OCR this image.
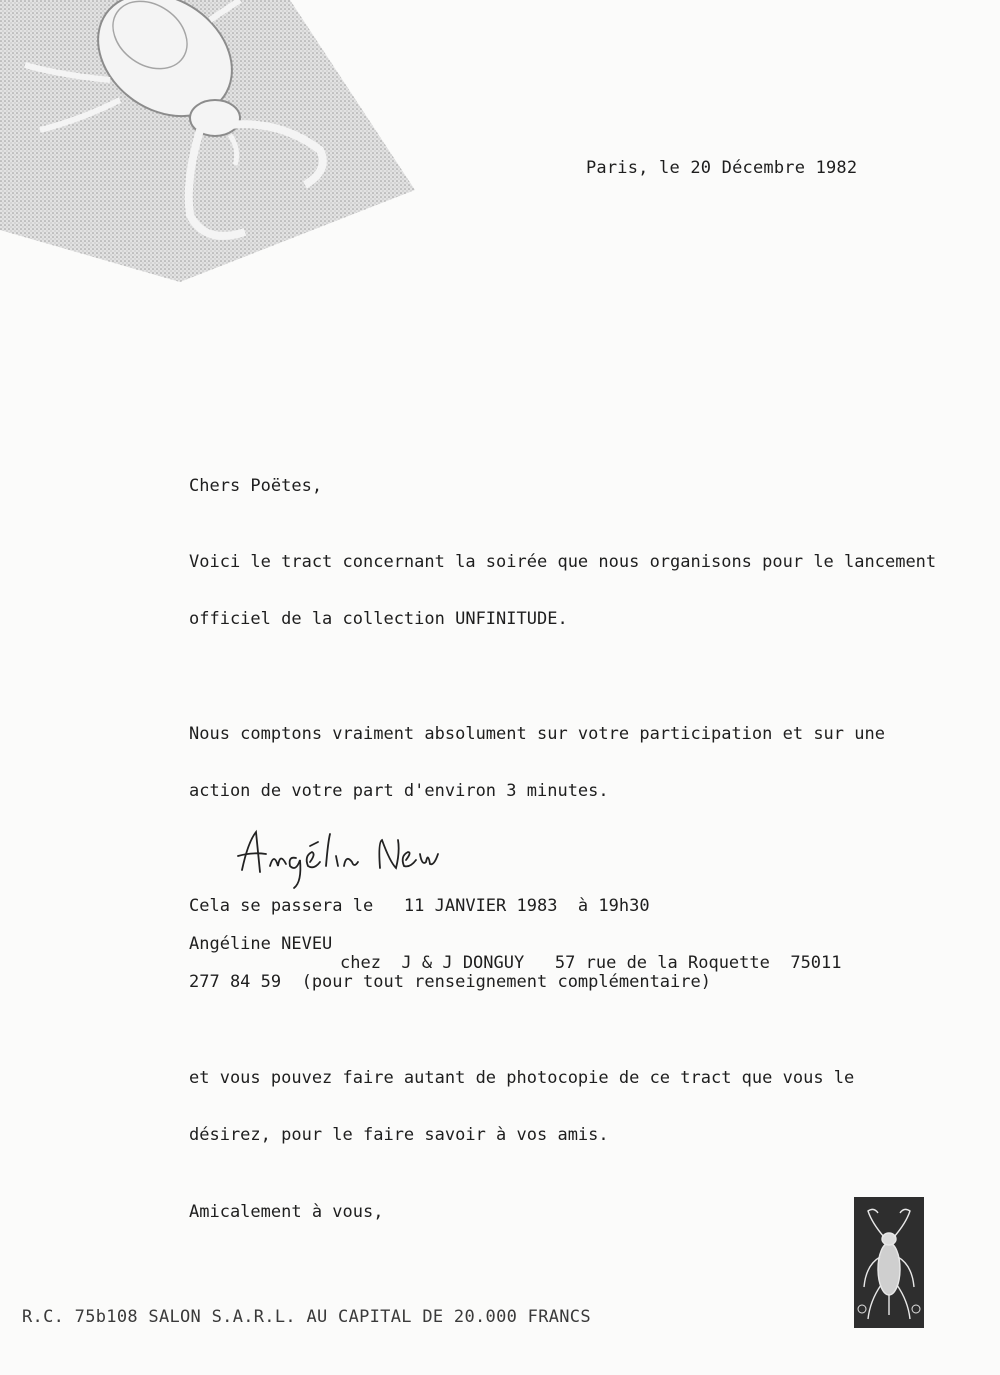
Paris, le 20 Décembre 1982
Chers Poëtes,

Voici le tract concernant la soirée que nous organisons pour le lancement

officiel de la collection UNFINITUDE.

Nous comptons vraiment absolument sur votre participation et sur une

action de votre part d'environ 3 minutes.

Cela se passera le   11 JANVIER 1983  à 19h30

chez  J & J DONGUY   57 rue de la Roquette  75011

et vous pouvez faire autant de photocopie de ce tract que vous le

désirez, pour le faire savoir à vos amis.

Amicalement à vous,
Angéline NEVEU
277 84 59  (pour tout renseignement complémentaire)
R.C. 75b108 SALON S.A.R.L. AU CAPITAL DE 20.000 FRANCS
